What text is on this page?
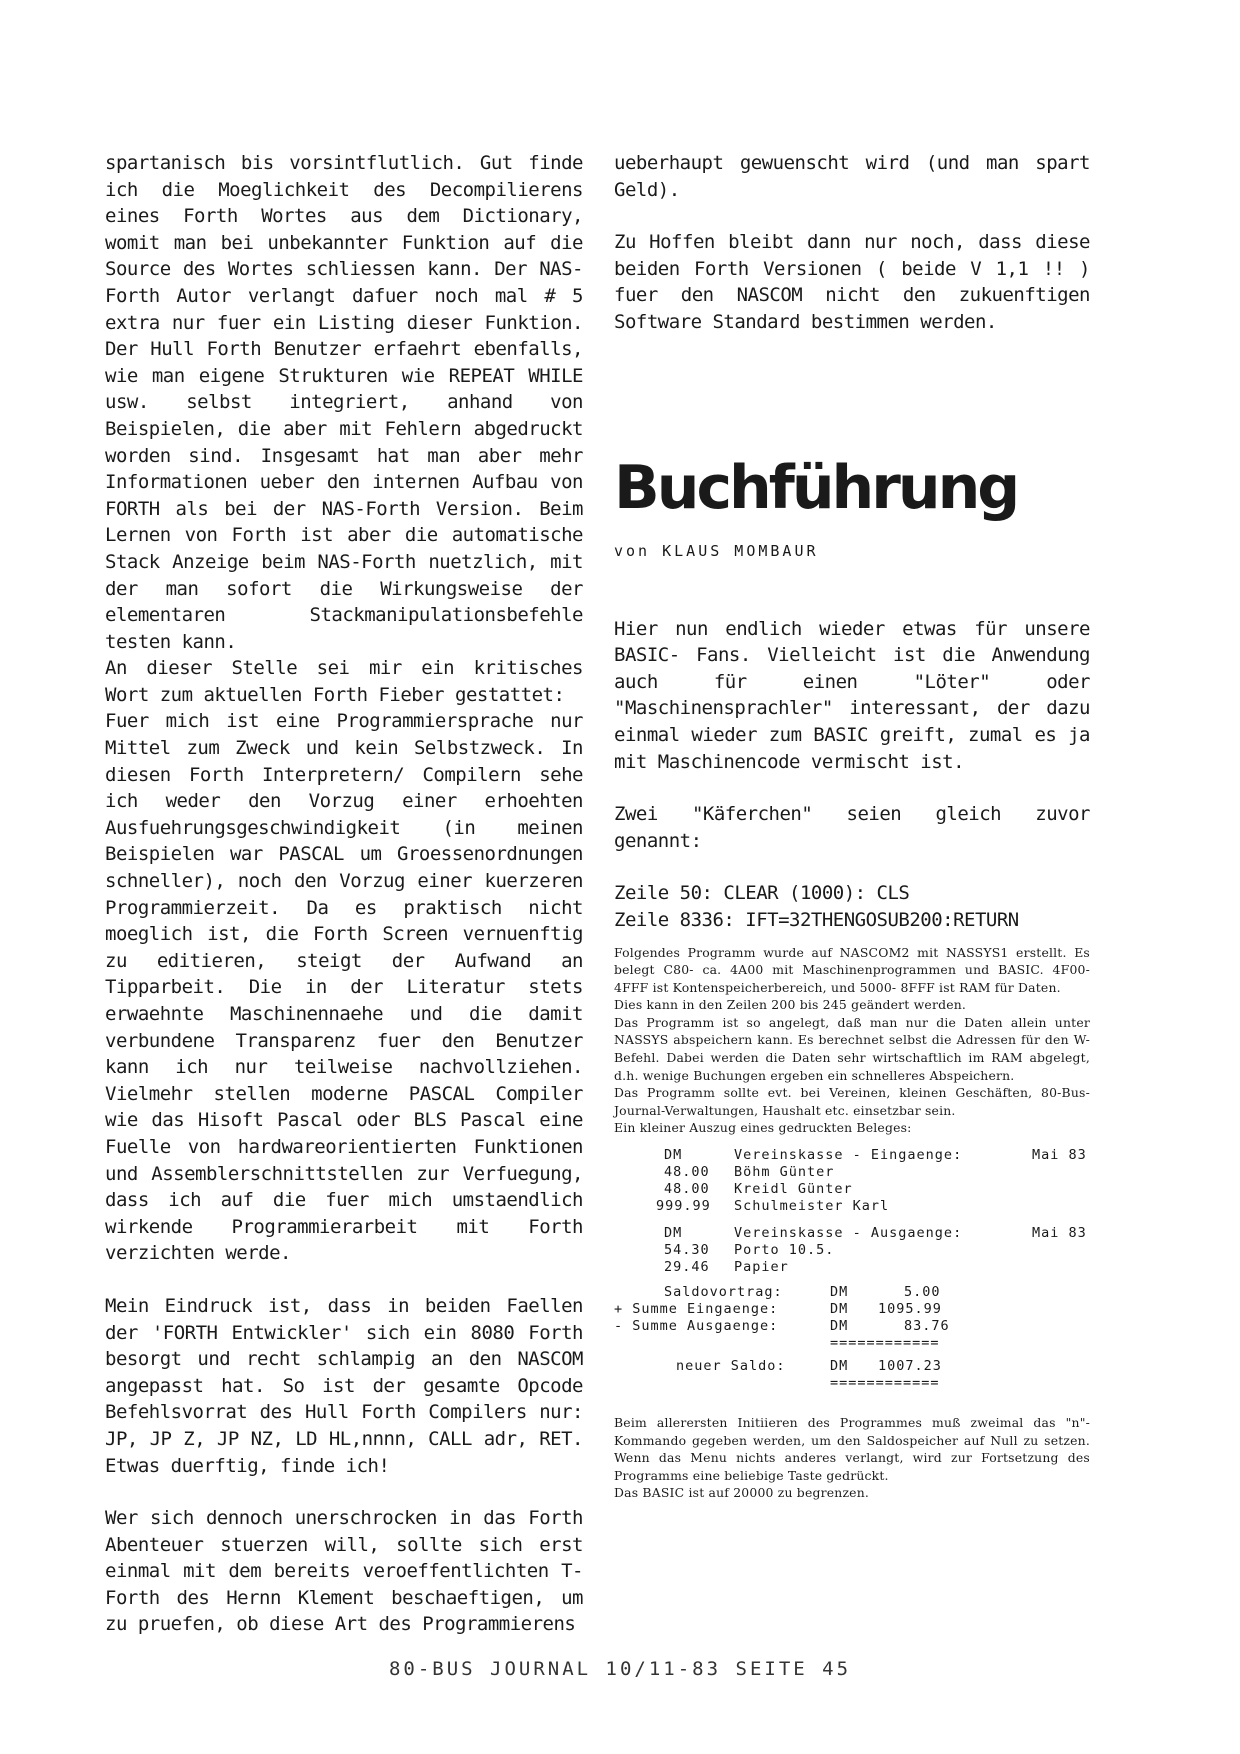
spartanisch bis vorsintflutlich. Gut finde ich die Moeglichkeit des Decompilierens eines Forth Wortes aus dem Dictionary, womit man bei unbekannter Funktion auf die Source des Wortes schliessen kann. Der NAS-Forth Autor verlangt dafuer noch mal # 5 extra nur fuer ein Listing dieser Funktion. Der Hull Forth Benutzer erfaehrt ebenfalls, wie man eigene Strukturen wie REPEAT WHILE usw. selbst integriert, anhand von Beispielen, die aber mit Fehlern abgedruckt worden sind. Insgesamt hat man aber mehr Informationen ueber den internen Aufbau von FORTH als bei der NAS-Forth Version. Beim Lernen von Forth ist aber die automatische Stack Anzeige beim NAS-Forth nuetzlich, mit der man sofort die Wirkungsweise der elementaren Stackmanipulationsbefehle testen kann.

An dieser Stelle sei mir ein kritisches Wort zum aktuellen Forth Fieber gestattet:

Fuer mich ist eine Programmiersprache nur Mittel zum Zweck und kein Selbstzweck. In diesen Forth Interpretern/ Compilern sehe ich weder den Vorzug einer erhoehten Ausfuehrungsgeschwindigkeit (in meinen Beispielen war PASCAL um Groessenordnungen schneller), noch den Vorzug einer kuerzeren Programmierzeit. Da es praktisch nicht moeglich ist, die Forth Screen vernuenftig zu editieren, steigt der Aufwand an Tipparbeit. Die in der Literatur stets erwaehnte Maschinennaehe und die damit verbundene Transparenz fuer den Benutzer kann ich nur teilweise nachvollziehen. Vielmehr stellen moderne PASCAL Compiler wie das Hisoft Pascal oder BLS Pascal eine Fuelle von hardwareorientierten Funktionen und Assemblerschnittstellen zur Verfuegung, dass ich auf die fuer mich umstaendlich wirkende Programmierarbeit mit Forth verzichten werde.

Mein Eindruck ist, dass in beiden Faellen der 'FORTH Entwickler' sich ein 8080 Forth besorgt und recht schlampig an den NASCOM angepasst hat. So ist der gesamte Opcode Befehlsvorrat des Hull Forth Compilers nur: JP, JP Z, JP NZ, LD HL,nnnn, CALL adr, RET. Etwas duerftig, finde ich!

Wer sich dennoch unerschrocken in das Forth Abenteuer stuerzen will, sollte sich erst einmal mit dem bereits veroeffentlichten T-Forth des Hernn Klement beschaeftigen, um zu pruefen, ob diese Art des Programmierens

ueberhaupt gewuenscht wird (und man spart Geld).

Zu Hoffen bleibt dann nur noch, dass diese beiden Forth Versionen ( beide V 1,1 !! ) fuer den NASCOM nicht den zukuenftigen Software Standard bestimmen werden.

Buchführung

von KLAUS MOMBAUR

Hier nun endlich wieder etwas für unsere BASIC- Fans. Vielleicht ist die Anwendung auch für einen "Löter" oder "Maschinensprachler" interessant, der dazu einmal wieder zum BASIC greift, zumal es ja mit Maschinencode vermischt ist.

Zwei "Käferchen" seien gleich zuvor genannt:

Zeile 50: CLEAR (1000): CLS

Zeile 8336: IFT=32THENGOSUB200:RETURN

Folgendes Programm wurde auf NASCOM2 mit NASSYS1 erstellt. Es belegt C80- ca. 4A00 mit Maschinenprogrammen und BASIC. 4F00- 4FFF ist Kontenspeicherbereich, und 5000- 8FFF ist RAM für Daten.

Dies kann in den Zeilen 200 bis 245 geändert werden.

Das Programm ist so angelegt, daß man nur die Daten allein unter NASSYS abspeichern kann. Es berechnet selbst die Adressen für den W-Befehl. Dabei werden die Daten sehr wirtschaftlich im RAM abgelegt, d.h. wenige Buchungen ergeben ein schnelleres Abspeichern.

Das Programm sollte evt. bei Vereinen, kleinen Geschäften, 80-Bus-Journal-Verwaltungen, Haushalt etc. einsetzbar sein.

Ein kleiner Auszug eines gedruckten Beleges:

DM	Vereinskasse - Eingaenge:	Mai 83
48.00 Böhm Günter
48.00 Kreidl Günter
999.99 Schulmeister Karl
DM	Vereinskasse - Ausgaenge:	Mai 83
54.30 Porto 10.5.
29.46 Papier
Saldovortrag:	DM	5.00
+ Summe Eingaenge:	DM 1095.99
- Summe Ausgaenge:	DM	83.76
============
neuer Saldo:	DM 1007.23
============

Beim allerersten Initiieren des Programmes muß zweimal das "n"-Kommando gegeben werden, um den Saldospeicher auf Null zu setzen. Wenn das Menu nichts anderes verlangt, wird zur Fortsetzung des Programms eine beliebige Taste gedrückt.

Das BASIC ist auf 20000 zu begrenzen.

80-BUS JOURNAL 10/11-83 SEITE 45
